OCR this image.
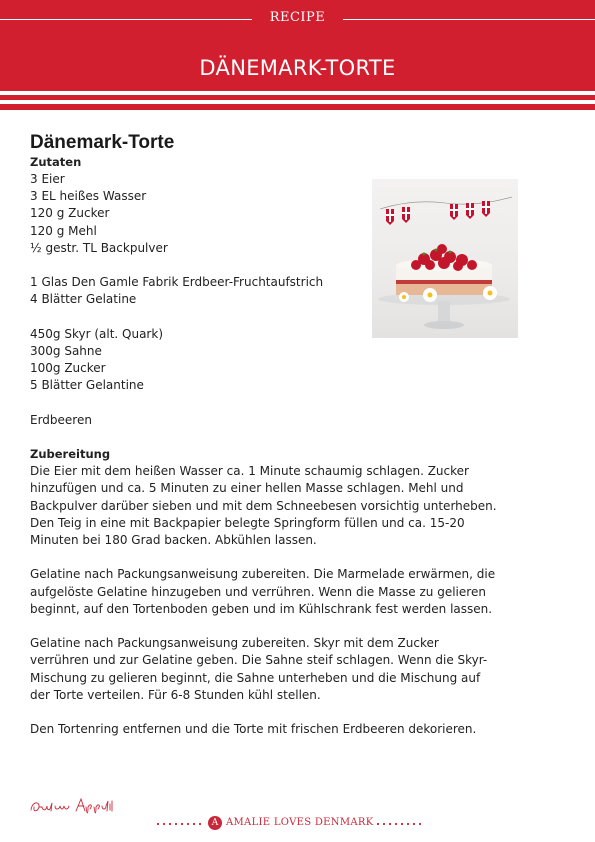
RECIPE
DÄNEMARK-TORTE
Dänemark-Torte
Zutaten
3 Eier
3 EL heißes Wasser
120 g Zucker
120 g Mehl
½ gestr. TL Backpulver
1 Glas Den Gamle Fabrik Erdbeer-Fruchtaufstrich
4 Blätter Gelatine
450g Skyr (alt. Quark)
300g Sahne
100g Zucker
5 Blätter Gelantine
Erdbeeren
Zubereitung

Die Eier mit dem heißen Wasser ca. 1 Minute schaumig schlagen. Zucker hinzufügen und ca. 5 Minuten zu einer hellen Masse schlagen. Mehl und Backpulver darüber sieben und mit dem Schneebesen vorsichtig unterheben. Den Teig in eine mit Backpapier belegte Springform füllen und ca. 15-20 Minuten bei 180 Grad backen. Abkühlen lassen.

Gelatine nach Packungsanweisung zubereiten. Die Marmelade erwärmen, die aufgelöste Gelatine hinzugeben und verrühren. Wenn die Masse zu gelieren beginnt, auf den Tortenboden geben und im Kühlschrank fest werden lassen.

Gelatine nach Packungsanweisung zubereiten. Skyr mit dem Zucker verrühren und zur Gelatine geben. Die Sahne steif schlagen. Wenn die Skyr-Mischung zu gelieren beginnt, die Sahne unterheben und die Mischung auf der Torte verteilen. Für 6-8 Stunden kühl stellen.

Den Tortenring entfernen und die Torte mit frischen Erdbeeren dekorieren.

A AMALIE LOVES DENMARK
